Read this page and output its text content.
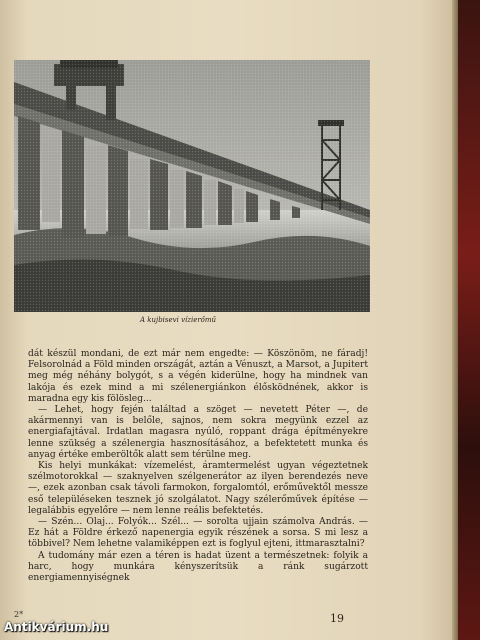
A kujbisevi vízierőmű

dát készül mondani, de ezt már nem engedte: — Köszönöm, ne fáradj! Felsorolnád a Föld minden országát, aztán a Vénuszt, a Marsot, a Jupitert meg még néhány bolygót, s a végén kiderülne, hogy ha mindnek van lakója és ezek mind a mi szélenergiánkon élősködnének, akkor is maradna egy kis fölösleg...

— Lehet, hogy fején találtad a szöget — nevetett Péter —, de akármennyi van is belőle, sajnos, nem sokra megyünk ezzel az energiafajtával. Irdatlan magasra nyúló, roppant drága építményekre lenne szükség a szélenergia hasznosításához, a befektetett munka és anyag értéke emberöltők alatt sem térülne meg.

Kis helyi munkákat: vízemelést, áramtermelést ugyan végeztetnek szélmotorokkal — szaknyelven szélgenerátor az ilyen berendezés neve —, ezek azonban csak távoli farmokon, forgalomtól, erőművektől messze eső településeken tesznek jó szolgálatot. Nagy szélerőművek építése — legalábbis egyelőre — nem lenne reális befektetés.

— Szén... Olaj... Folyók... Szél... — sorolta ujjain számolva András. — Ez hát a Földre érkező napenergia egyik részének a sorsa. S mi lesz a többivel? Nem lehetne valamiképpen ezt is foglyul ejteni, ittmarasztalni?

A tudomány már ezen a téren is hadat üzent a természetnek: folyik a harc, hogy munkára kényszerítsük a ránk sugárzott energiamennyiségnek

2*	19
Antikvárium.hu
